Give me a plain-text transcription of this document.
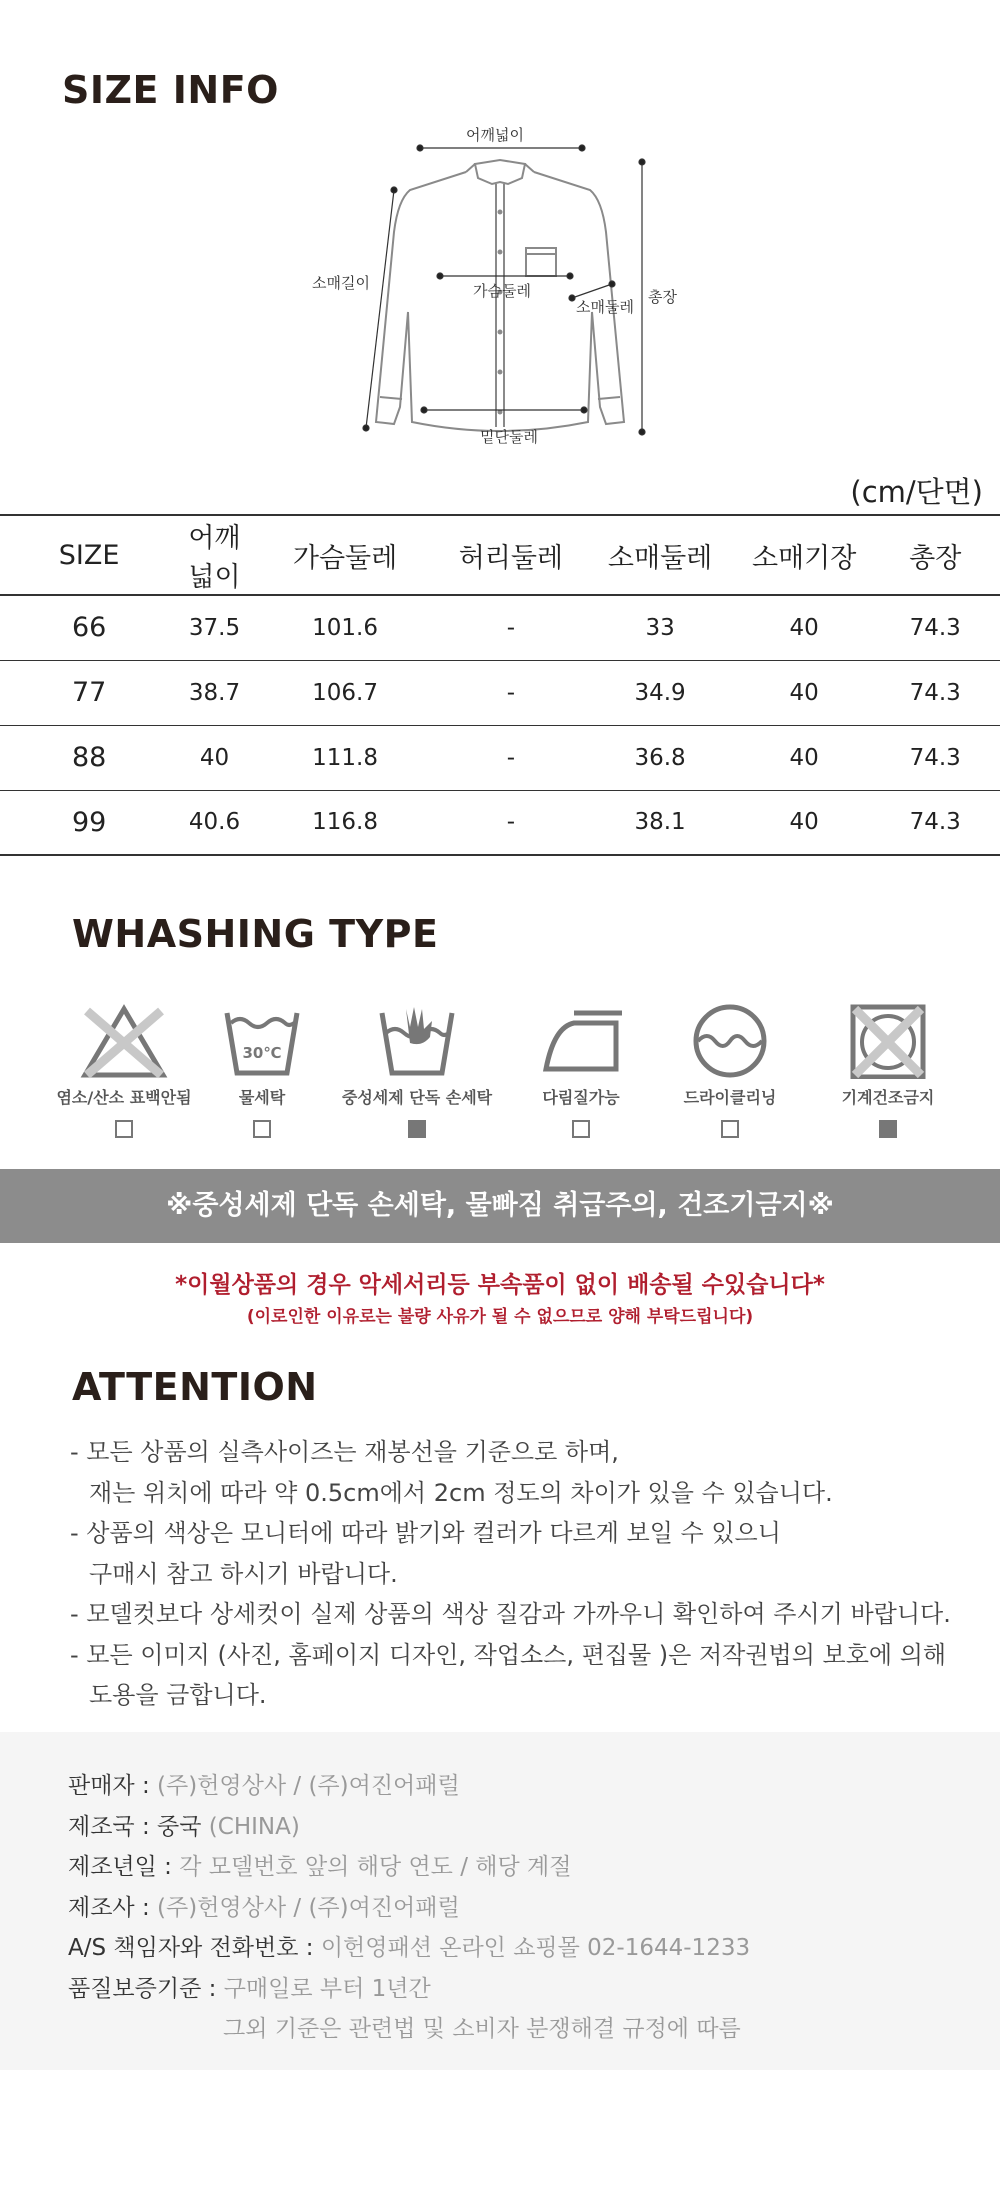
SIZE INFO
어깨넓이
소매길이	가슴둘레
소매둘레
총장
밑단둘레
(cm/단면)
SIZE	어깨넓이	가슴둘레	허리둘레	소매둘레	소매기장	총장
66	37.5	101.6	-	33	40	74.3
77	38.7	106.7	-	34.9	40	74.3
88	40	111.8	-	36.8	40	74.3
99	40.6	116.8	-	38.1	40	74.3
WHASHING TYPE
염소/산소 표백안됨
30℃
물세탁	중성세제 단독 손세탁	다림질가능	드라이클리닝	기계건조금지
※중성세제 단독 손세탁, 물빠짐 취급주의, 건조기금지※
*이월상품의 경우 악세서리등 부속품이 없이 배송될 수있습니다*
(이로인한 이유로는 불량 사유가 될 수 없으므로 양해 부탁드립니다)
ATTENTION
- 모든 상품의 실측사이즈는 재봉선을 기준으로 하며,
재는 위치에 따라 약 0.5cm에서 2cm 정도의 차이가 있을 수 있습니다.
- 상품의 색상은 모니터에 따라 밝기와 컬러가 다르게 보일 수 있으니
구매시 참고 하시기 바랍니다.
- 모델컷보다 상세컷이 실제 상품의 색상 질감과 가까우니 확인하여 주시기 바랍니다.
- 모든 이미지 (사진, 홈페이지 디자인, 작업소스, 편집물 )은 저작권법의 보호에 의해
도용을 금합니다.
판매자 : (주)헌영상사 / (주)여진어패럴
제조국 : 중국 (CHINA)
제조년일 : 각 모델번호 앞의 해당 연도 / 해당 계절
제조사 : (주)헌영상사 / (주)여진어패럴
A/S 책임자와 전화번호 : 이헌영패션 온라인 쇼핑몰 02-1644-1233
품질보증기준 : 구매일로 부터 1년간
그외 기준은 관련법 및 소비자 분쟁해결 규정에 따름
